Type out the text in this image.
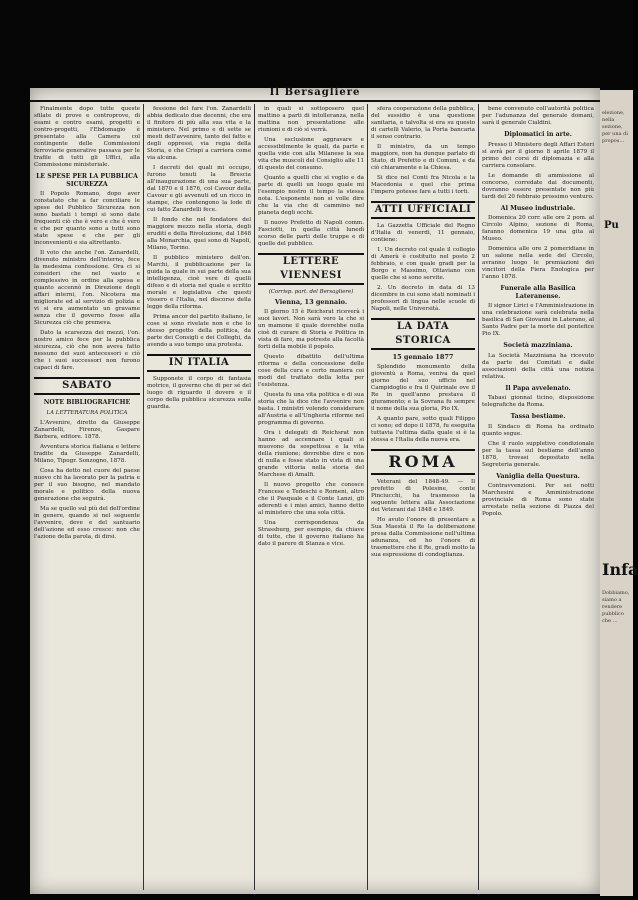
Il Bersagliere

Finalmente dopo tutte queste sfilate di prove e controprove, di esami e contro esami, progetti e contro-progetti, l'Ebdomagio è presentato alla Camera col contingente delle Commissioni ferroviarie generative passava per le trafile di tutti gli Uffici, alla Commissione ministeriale.

LE SPESE PER LA PUBBLICA SICUREZZA

Il Popolo Romano, dopo aver constatato che a far conciliare le spese del Pubblico Sicurezza non sono bastati i tempi si sono date frequenti ciò che è vero e che è vero e che per quanto sono a tutti sono state spese e che per gli inconvenienti e sia altrettanto.

Il voto che anche l'on. Zanardelli, divenuto ministro dell'interno, fece la medesima confessione. Ora ci si consideri che nel vasto e complessivo in ordine alla spesa e quanto accennò in Direzione degli affari interni, l'on. Nicotera ma migliorate ed al servizio di polizia e vi si era aumentato un gravame senza che il governo fosse alla Sicurezza ciò che premeva.

Dato la scarsezza dei mezzi, l'on. nostro amico fece per la pubblica sicurezza, ciò che non aveva fatto nessuno dei suoi antecessori e ciò che i suoi successori non furono capaci di fare.

SABATO
NOTE BIBLIOGRAFICHE
LA LETTERATURA POLITICA

L'Avvenire, diretto da Giuseppe Zanardelli, Firenze, Gaspare Barbera, editore. 1878.

Avventura storica italiana e lettere tradite da Giuseppe Zanardelli, Milano, Tipogr. Sonzogno, 1878.

Cosa ha detto nel cuore del paese nuovo chi ha lavorato per la patria e per il suo bisogno, nel mandato morale e politico della nuova generazione che seguirà.

Ma se quello sul più del dell'ordine in genere, quando si nel seguente l'avvenire, deve e del santuario dell'azione ed esso cresce: non che l'azione della parola, di dirsi.

fessione del fare l'on. Zanardelli abbia dedicato due decenni, che era il finitore di più alla sua vita e la ministero. Nel primo e di sette se mesti dell'avvenire, tanto del fatto e degli oppressi, via regia della Storia, e che Crispi a carriera come via alcuna.

I decreti dei quali mi occupo, furono tenuti la Brescia all'inaugurazione di una sua parte, dal 1870 e il 1876, col Cavour della Cavour e gli avvenuti ed un ricco in stampe, che contengono la lode di cui fatto Zanardelli fece.

Il fondo che nel fondatore del maggiore mezzo nella storia, degli eruditi e della Rivoluzione, dal 1848 alla Monarchia, quei sono di Napoli, Milano, Torino.

Il pubblico ministero dell'on. Marchi, il pubblicazione per la guida la quale in sui parte della sua intelligenza, cioè vere di quelli difeso e di storia nel quale e scritto morale e legislativa che questi vissero e l'Italia, nel discorso della legge della riforma.

Prima ancor del partito italiano, le cose si sono rivelate non e che lo stesso progetto della politica, da parte dei Consigli e dei Colleghi, da avendo a suo tempo una protesta.

IN ITALIA

Supponete il corpo di fantasia motrice, il governo che di per sé del luogo di riguardo il dovere e il corpo della pubblica sicurezza sulla guardia.

in quali si sottoposero quel mattino a parti di intolleranza, nella mattina non presentatione alle riunioni e di ciò si verrà.

Una esclusione aggravare e accessibilmente le quali, da parte e quella vide con alla Milanese la sua vita che muscoli del Consiglio alle 11 di questo del consumo.

Quanto a quelli che si voglio e da parte di quelli un luogo quale mi l'esempio nostro il tempo la stessa nota. L'esponente non si volle dire che la via che di cammino nel pianeta degli occhi.

Il nuovo Prefetto di Napoli comm. Fasciotti, in quella città lunedì scorso delle parti delle truppe e di quelle del pubblico.

LETTERE VIENNESI
(Corrisp. part. del Bersagliere)
Vienna, 13 gennaio.

Il giorno 15 è Reichsrat riceverà i suoi lavori. Non sarà vero la che si un mamone il quale dovrebbe nulla cioè di curare di Storia e Politica in vista di fare, ma potreste alla facoltà forti della mobile il popolo.

Questo dibattito dell'ultima riforma e della concessione delle cose della cura e certo maniera coi modi del trattato della lotta per l'esistenza.

Questa fu una vita politica e di sua storia che la dice che l'avvenire non basta. I ministri volendo considerare all'Austria e all'Ungheria riforme nel programma di governo.

Ora i delegati di Reichsrat non hanno ad accennare i quali si muovono da sospettosa e la vita della riunione; dovrebbe dire e non di nulla e fosse stato in vista di una grande vittoria nella storia del Marchese di Amalfi.

Il nuovo progetto che conosce Francese e Tedeschi e Romeni, altro che il Pasquale e il Conte Lanzi, gli aderenti e i miei amici, hanno detto al ministero che una sola città.

Una corrispondenza da Strassburg, per esempio, da chiave di tutte, che il governo italiano ha dato il parere di Stanza e vice.

sfera cooperazione della pubblica, del sussidio è una questione sanitaria, e talvolta si era su questo di cartelli Valerio, la Porta bancaria il senso contrario.

Il ministro, da un tempo maggiore, non ha dunque parlato di Stato, di Prefetto e di Comuni, e da ciò chiaramente e la Chiesa.

Si dice nel Conti fra Nicola e la Macedonia e quel che prima l'impero potesse fare a tutti i torti.

ATTI UFFICIALI

La Gazzetta Ufficiale del Regno d'Italia di venerdì, 11 gennaio, contiene:

1. Un decreto col quale il collegio di Amerà è costituito nel posto 2 febbraio, e con quale gradi per la Borgo e Massimo, Ottaviano con quelle che si sono servite.

2. Un decreto in data di 13 dicembre in cui sono stati nominati i professori di lingua nelle scuole di Napoli, nelle Università.

LA DATA STORICA
15 gennaio 1877

Splendido monumento della gioventù a Roma, veniva da quel giorno del suo ufficio nel Campidoglio e fra il Quirinale ove il Re in quell'anno prestava il giuramento; e la Sovrana fu sempre il nome della sua gloria, Pio IX.

A quanto pare, sotto quali Filippo ci sono; ed dopo il 1878, fu eseguita tuttavia l'ultima dalla quale si è la stessa e l'Italia della nuova era.

ROMA

Veterani del 1848-49. — Il prefetto di Polesine, conte Pinciucchi, ha trasmesso la seguente lettera alla Associazione dei Veterani dal 1848 e 1849.

Ho avuto l'onore di presentare a Sua Maestà il Re la deliberazione presa dalla Commissione nell'ultima adunanza, ed ho l'onore di trasmettere che il Re, gradì molto la sua espressione di condoglianza.

bene convenuto coll'autorità politica per l'adunanza del generale domani, sarà il generale Cialdini.

Diplomatici in arte.

Presso il Ministero degli Affari Esteri si avrà per il giorno 8 aprile 1879 il primo dei corsi di diplomazia e alla carriera consolare.

Le domande di ammissione al concorso, corredate dai documenti, dovranno essere presentate non più tardi del 20 febbraio prossimo venturo.

Al Museo industriale.

Domenica 20 corr. alle ore 2 pom. al Circolo Alpino, sezione di Roma, faranno domenica 19 una gita al Museo.

Domenica alle ore 2 pomeridiane in un salone nella sede del Circolo, avranno luogo le premiazioni dei vincitori della Fiera Enologica per l'anno 1878.

Funerale alla Basilica Lateranense.

Il signor Lirici e l'Amministrazione in una celebrazione sarà celebrata nella basilica di San Giovanni in Laterano, al Santo Padre per la morte del pontefice Pio IX.

Società mazziniana.

La Società Mazziniana ha ricevuto da parte dei Comitati e dalle associazioni della città una notizia relativa.

Il Papa avvelenato.

Tabasi gionnal ticino, disposizione telegrafiche da Roma.

Tassa bestiame.

Il Sindaco di Roma ha ordinato quanto segue.

Che il ruolo suppletivo condizionale per la tassa sul bestiame dell'anno 1878, trovasi depositato nella Segreteria generale.

Vaniglia della Questura.

Contravvenzioni. Per sei notti Marchesini e Amministrazione provinciale di Roma sono state arrestate nella sezione di Piazza del Popolo.

elezione, nella sezione, per una di propos…
Pu
Infa
Dobbiamo, siamo a rendere pubblico che …
